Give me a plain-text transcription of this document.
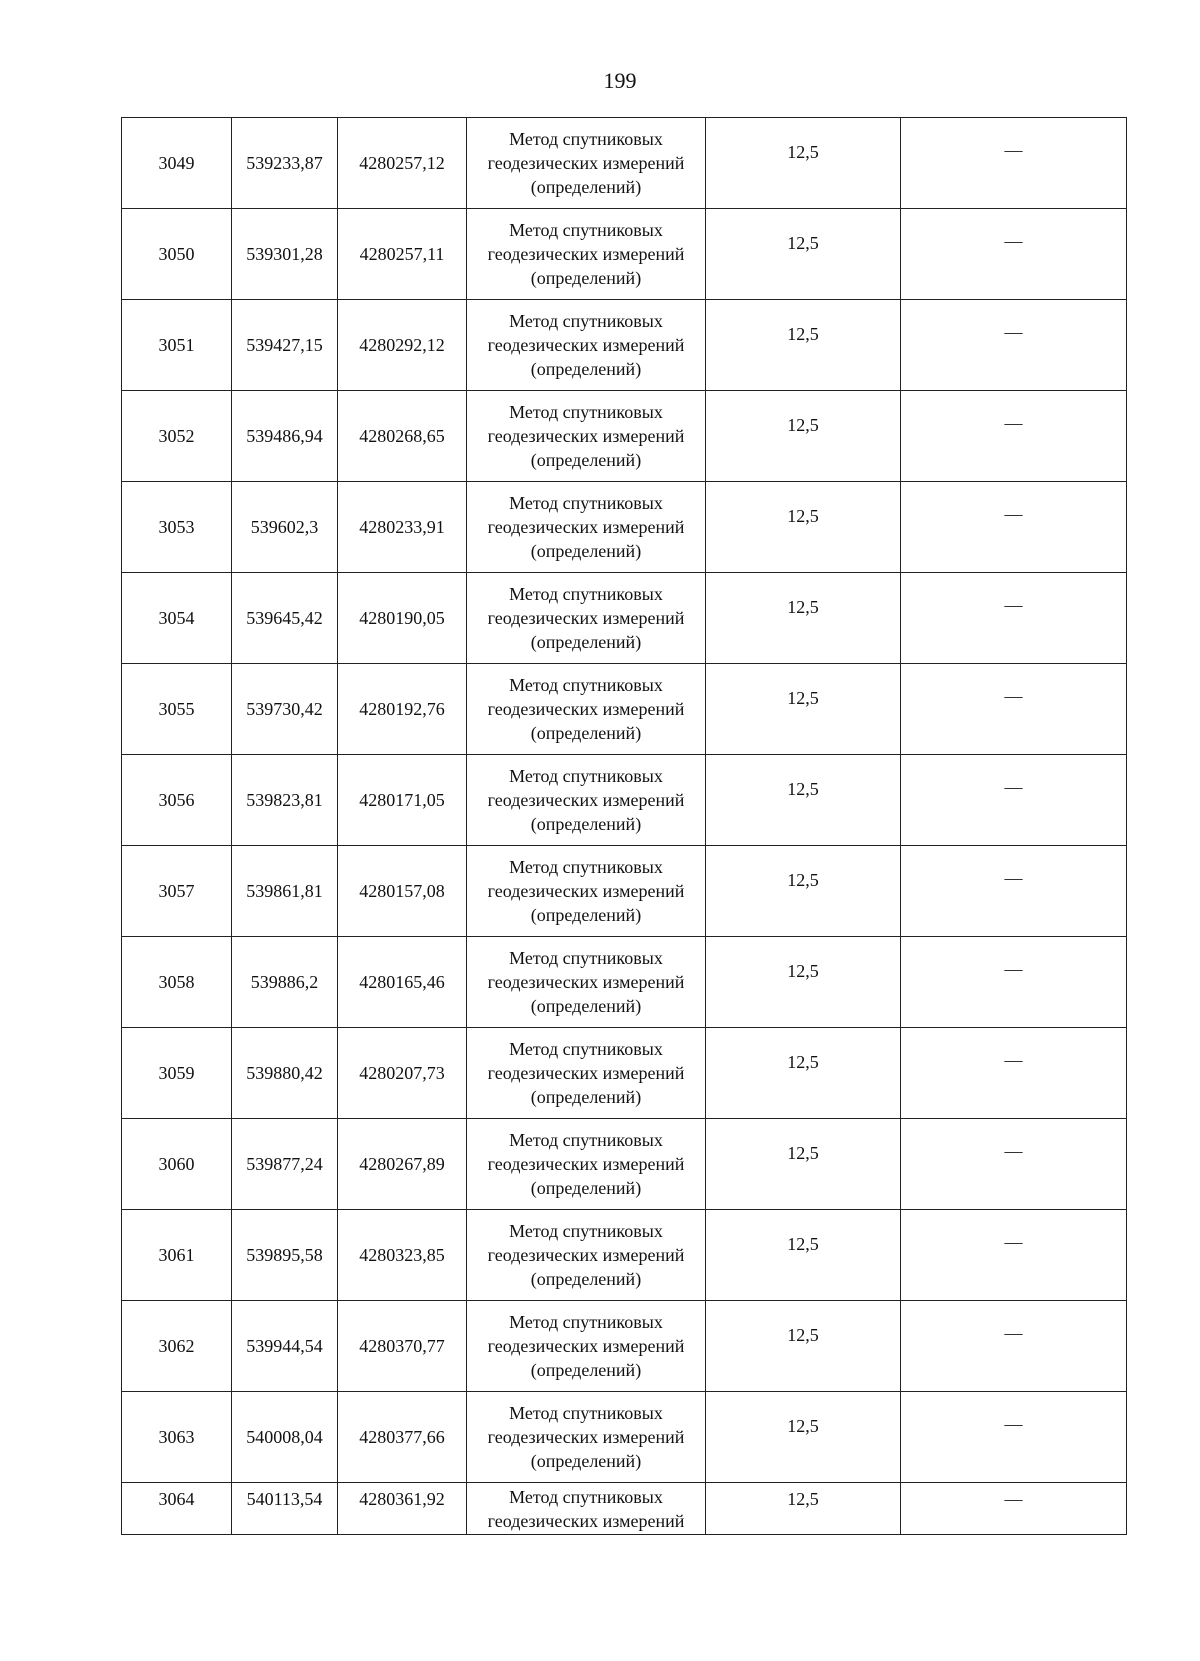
199
3049	539233,87	4280257,12	Метод спутниковых
геодезических измерений
(определений)	12,5	—
3050	539301,28	4280257,11	Метод спутниковых
геодезических измерений
(определений)	12,5	—
3051	539427,15	4280292,12	Метод спутниковых
геодезических измерений
(определений)	12,5	—
3052	539486,94	4280268,65	Метод спутниковых
геодезических измерений
(определений)	12,5	—
3053	539602,3	4280233,91	Метод спутниковых
геодезических измерений
(определений)	12,5	—
3054	539645,42	4280190,05	Метод спутниковых
геодезических измерений
(определений)	12,5	—
3055	539730,42	4280192,76	Метод спутниковых
геодезических измерений
(определений)	12,5	—
3056	539823,81	4280171,05	Метод спутниковых
геодезических измерений
(определений)	12,5	—
3057	539861,81	4280157,08	Метод спутниковых
геодезических измерений
(определений)	12,5	—
3058	539886,2	4280165,46	Метод спутниковых
геодезических измерений
(определений)	12,5	—
3059	539880,42	4280207,73	Метод спутниковых
геодезических измерений
(определений)	12,5	—
3060	539877,24	4280267,89	Метод спутниковых
геодезических измерений
(определений)	12,5	—
3061	539895,58	4280323,85	Метод спутниковых
геодезических измерений
(определений)	12,5	—
3062	539944,54	4280370,77	Метод спутниковых
геодезических измерений
(определений)	12,5	—
3063	540008,04	4280377,66	Метод спутниковых
геодезических измерений
(определений)	12,5	—
3064	540113,54	4280361,92	Метод спутниковых
геодезических измерений	12,5	—
